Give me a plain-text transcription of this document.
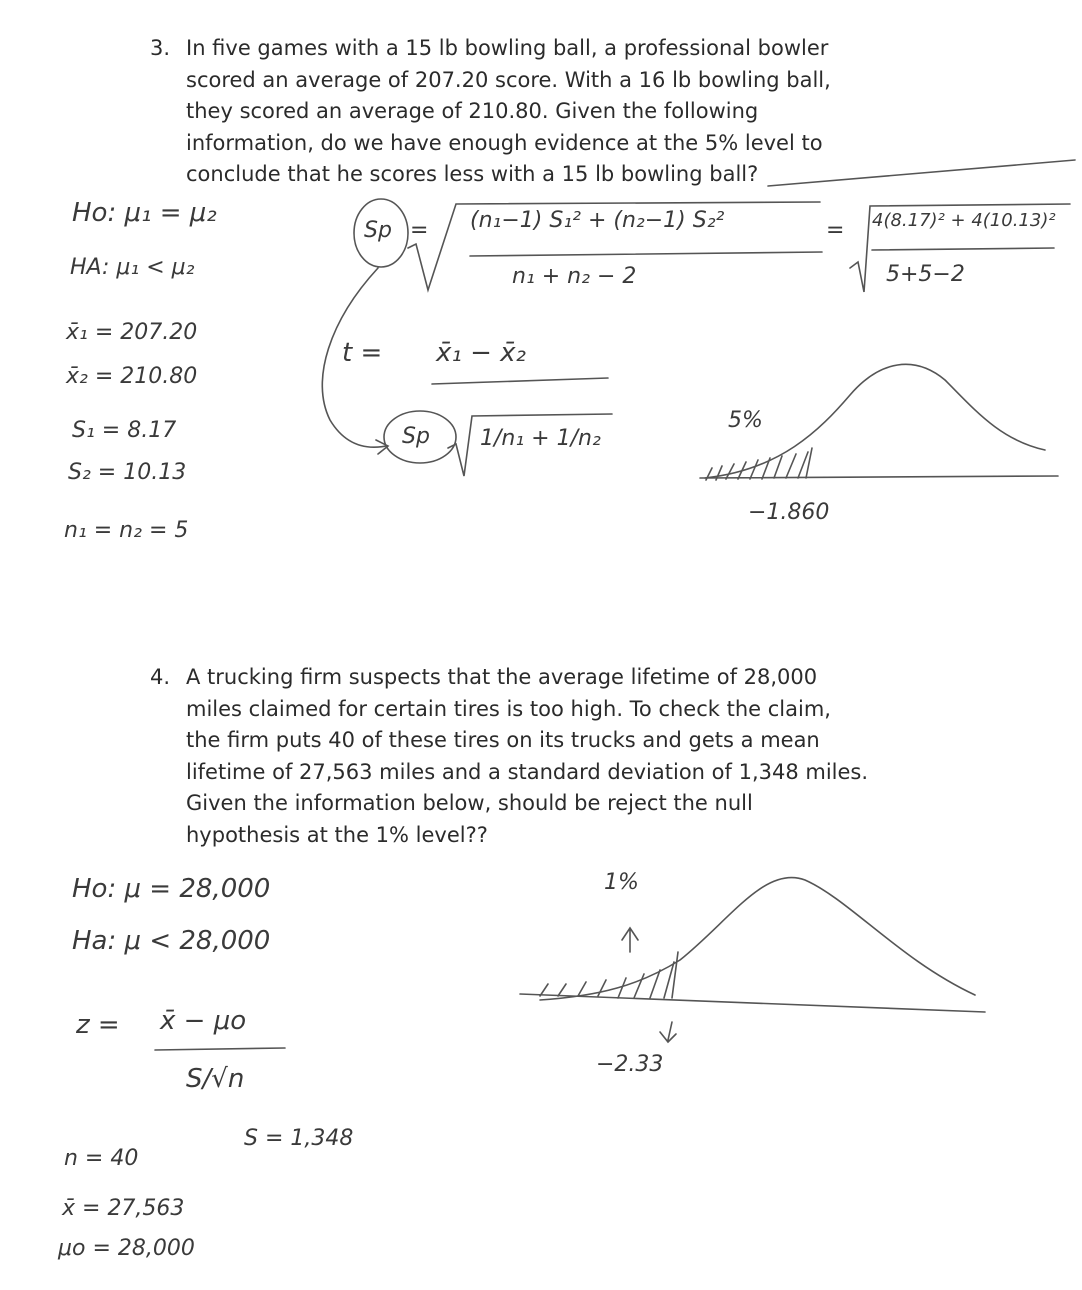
3. In five games with a 15 lb bowling ball, a professional bowler
scored an average of 207.20 score. With a 16 lb bowling ball,
they scored an average of 210.80. Given the following
information, do we have enough evidence at the 5% level to
conclude that he scores less with a 15 lb bowling ball?
4. A trucking firm suspects that the average lifetime of 28,000
miles claimed for certain tires is too high. To check the claim,
the firm puts 40 of these tires on its trucks and gets a mean
lifetime of 27,563 miles and a standard deviation of 1,348 miles.
Given the information below, should be reject the null
hypothesis at the 1% level??
Ho: μ₁ = μ₂
HA: μ₁ < μ₂
x̄₁ = 207.20
x̄₂ = 210.80
S₁ = 8.17
S₂ = 10.13
n₁ = n₂ = 5
Sp = (n₁−1) S₁² + (n₂−1) S₂²
n₁ + n₂ − 2
= 4(8.17)² + 4(10.13)²
5+5−2
t = x̄₁ − x̄₂
Sp 1/n₁ + 1/n₂
5%
−1.860
Ho: μ = 28,000
Ha: μ < 28,000
z = x̄ − μo
S/√n
n = 40
S = 1,348
x̄ = 27,563
μo = 28,000
1%
−2.33
